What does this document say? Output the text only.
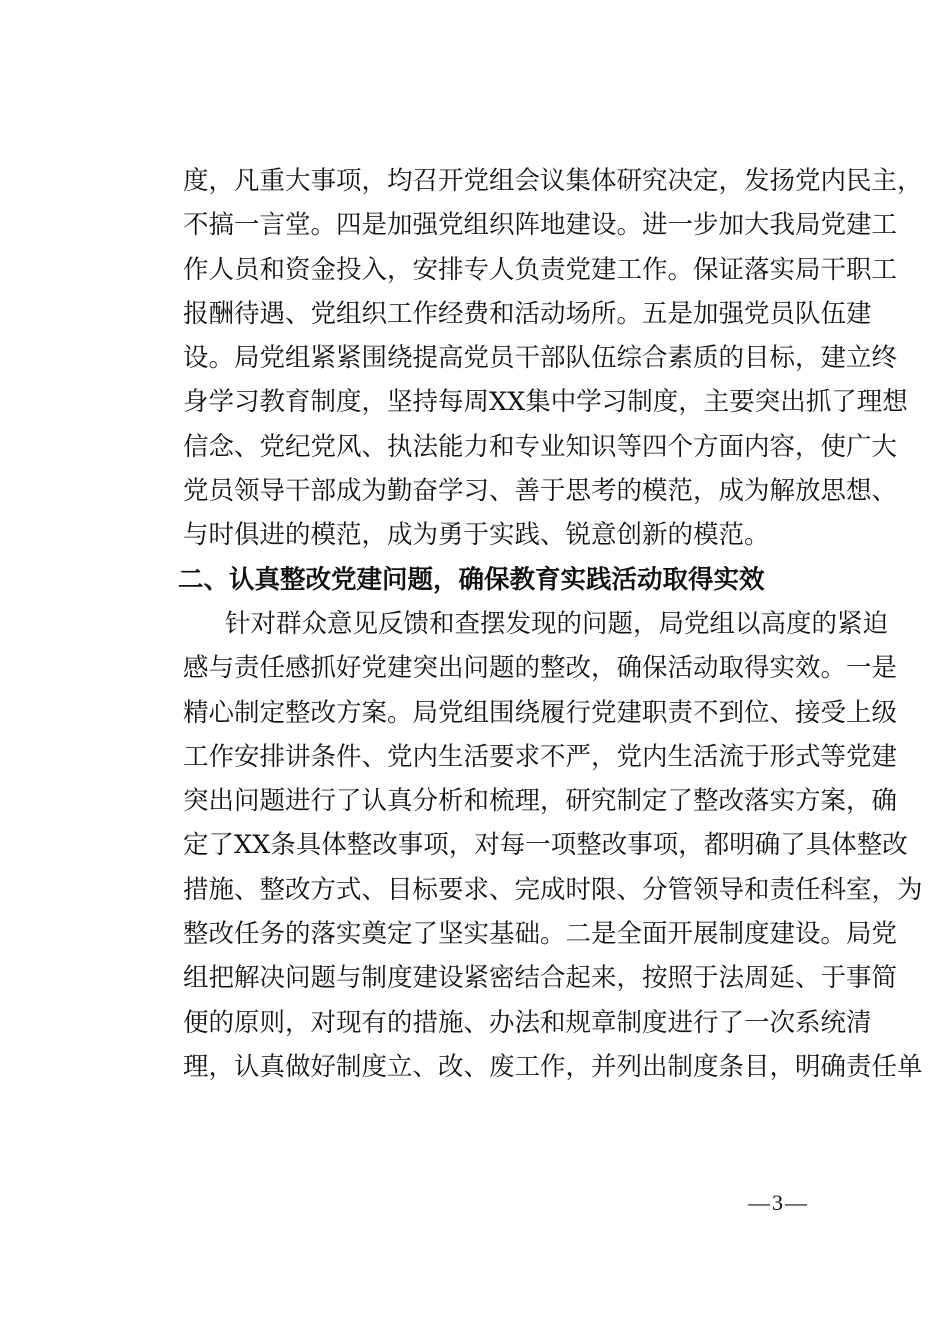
度，凡重大事项，均召开党组会议集体研究决定，发扬党内民主，
不搞一言堂。四是加强党组织阵地建设。进一步加大我局党建工
作人员和资金投入，安排专人负责党建工作。保证落实局干职工
报酬待遇、党组织工作经费和活动场所。五是加强党员队伍建
设。局党组紧紧围绕提高党员干部队伍综合素质的目标，建立终
身学习教育制度，坚持每周XX集中学习制度，主要突出抓了理想
信念、党纪党风、执法能力和专业知识等四个方面内容，使广大
党员领导干部成为勤奋学习、善于思考的模范，成为解放思想、
与时俱进的模范，成为勇于实践、锐意创新的模范。
二、认真整改党建问题，确保教育实践活动取得实效
针对群众意见反馈和查摆发现的问题，局党组以高度的紧迫
感与责任感抓好党建突出问题的整改，确保活动取得实效。一是
精心制定整改方案。局党组围绕履行党建职责不到位、接受上级
工作安排讲条件、党内生活要求不严，党内生活流于形式等党建
突出问题进行了认真分析和梳理，研究制定了整改落实方案，确
定了XX条具体整改事项，对每一项整改事项，都明确了具体整改
措施、整改方式、目标要求、完成时限、分管领导和责任科室，为
整改任务的落实奠定了坚实基础。二是全面开展制度建设。局党
组把解决问题与制度建设紧密结合起来，按照于法周延、于事简
便的原则，对现有的措施、办法和规章制度进行了一次系统清
理，认真做好制度立、改、废工作，并列出制度条目，明确责任单
—3—
